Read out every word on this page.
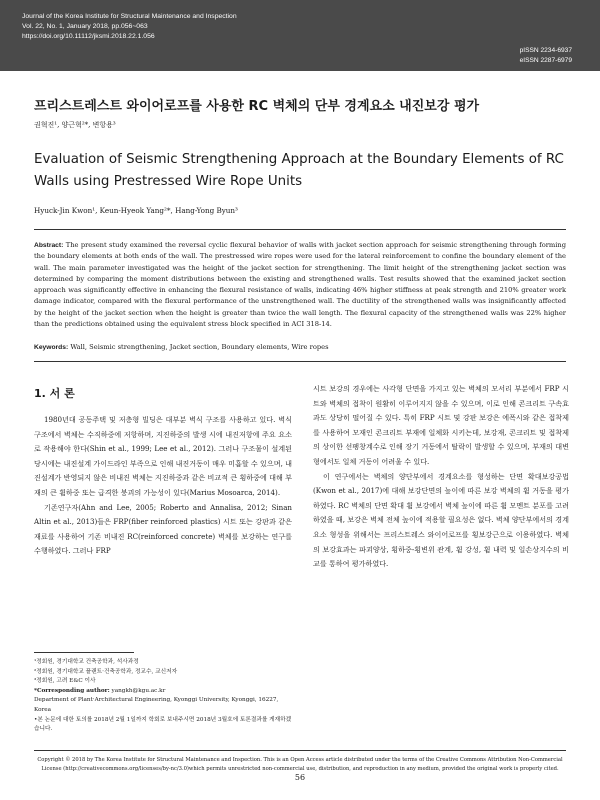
Journal of the Korea Institute for Structural Maintenance and Inspection
Vol. 22, No. 1, January 2018, pp.056~063
https://doi.org/10.11112/jksmi.2018.22.1.056
pISSN 2234-6937
eISSN 2287-6979
프리스트레스트 와이어로프를 사용한 RC 벽체의 단부 경계요소 내진보강 평가
권혁진¹, 양근혁²*, 변항용³
Evaluation of Seismic Strengthening Approach at the Boundary Elements of RC Walls using Prestressed Wire Rope Units
Hyuck-Jin Kwon¹, Keun-Hyeok Yang²*, Hang-Yong Byun³

Abstract: The present study examined the reversal cyclic flexural behavior of walls with jacket section approach for seismic strengthening through forming the boundary elements at both ends of the wall. The prestressed wire ropes were used for the lateral reinforcement to confine the boundary element of the wall. The main parameter investigated was the height of the jacket section for strengthening. The limit height of the strengthening jacket section was determined by comparing the moment distributions between the existing and strengthened walls. Test results showed that the examined jacket section approach was significantly effective in enhancing the flexural resistance of walls, indicating 46% higher stiffness at peak strength and 210% greater work damage indicator, compared with the flexural performance of the unstrengthened wall. The ductility of the strengthened walls was insignificantly affected by the height of the jacket section when the height is greater than twice the wall length. The flexural capacity of the strengthened walls was 22% higher than the predictions obtained using the equivalent stress block specified in ACI 318-14.

Keywords: Wall, Seismic strengthening, Jacket section, Boundary elements, Wire ropes

1. 서 론

1980년대 공동주택 및 저층형 빌딩은 대부분 벽식 구조를 사용하고 있다. 벽식 구조에서 벽체는 수직하중에 저항하며, 지진하중의 발생 시에 내진저항에 주요 요소로 작용해야 한다(Shin et al., 1999; Lee et al., 2012). 그러나 구조물이 설계된 당시에는 내진설계 가이드라인 부족으로 인해 내진거동이 매우 미흡할 수 있으며, 내진설계가 반영되지 않은 비내진 벽체는 지진하중과 같은 비교적 큰 횡하중에 대해 부재의 큰 휨하중 또는 급격한 붕괴의 가능성이 있다(Marius Mosoarca, 2014).

기존연구자(Ahn and Lee, 2005; Roberto and Annalisa, 2012; Sinan Altin et al., 2013)들은 FRP(fiber reinforced plastics) 시트 또는 강판과 같은 재료를 사용하여 기존 비내진 RC(reinforced concrete) 벽체를 보강하는 연구를 수행하였다. 그러나 FRP

시트 보강의 경우에는 사각형 단면을 가지고 있는 벽체의 모서리 부분에서 FRP 시트와 벽체의 접착이 원활히 이루어지지 않을 수 있으며, 이로 인해 콘크리트 구속효과도 상당히 떨어질 수 있다. 특히 FRP 시트 및 강판 보강은 에폭시와 같은 접착제를 사용하여 모재인 콘크리트 부재에 일체화 시키는데, 보강재, 콘크리트 및 접착제의 상이한 선팽창계수로 인해 장기 거동에서 탈락이 발생할 수 있으며, 부재의 대변형에서도 일체 거동이 어려울 수 있다.

이 연구에서는 벽체의 양단부에서 경계요소를 형성하는 단면 확대보강공법(Kwon et al., 2017)에 대해 보강단면의 높이에 따른 보강 벽체의 휨 거동을 평가하였다. RC 벽체의 단면 확대 휨 보강에서 벽체 높이에 따른 휨 모멘트 분포를 고려하였을 때, 보강은 벽체 전체 높이에 적용할 필요성은 없다. 벽체 양단부에서의 경계요소 형성을 위해서는 프리스트레스 와이어로프를 횡보강근으로 이용하였다. 벽체의 보강효과는 파괴양상, 횡하중-횡변위 관계, 휨 강성, 휨 내력 및 일손상지수의 비교를 통하여 평가하였다.

¹정회원, 경기대학교 건축공학과, 석사과정
²정회원, 경기대학교 플랜트·건축공학과, 정교수, 교신저자
³정회원, 고려 E&C 이사
*Corresponding author: yangkh@kgu.ac.kr
Department of Plant·Architectural Engineering, Kyonggi University, Kyonggi, 16227, Korea
•본 논문에 대한 토의를 2018년 2월 1일까지 학회로 보내주시면 2018년 3월호에 토론결과를 게재하겠습니다.
Copyright © 2018 by The Korea Institute for Structural Maintenance and Inspection. This is an Open Access article distributed under the terms of the Creative Commons Attribution Non-Commercial License (http://creativecommons.org/licenses/by-nc/3.0)which permits unrestricted non-commercial use, distribution, and reproduction in any medium, provided the original work is properly cited.
56
